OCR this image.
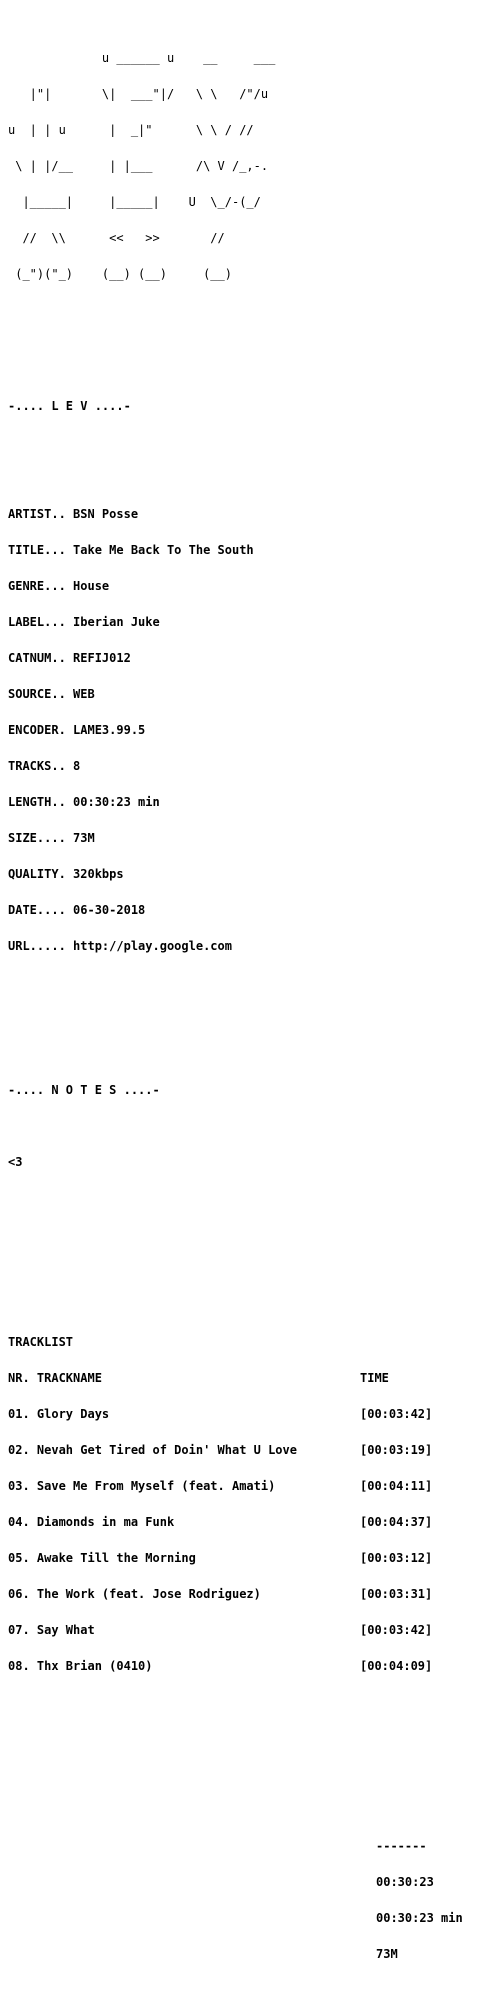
u ______ u    __     ___

|"|       \|  ___"|/   \ \   /"/u

u  | | u      |  _|"      \ \ / //

\ | |/__     | |___      /\ V /_,-.

|_____|     |_____|    U  \_/-(_/

//  \\      <<   >>       //

(_")("_)    (__) (__)     (__)

-.... L E V ....-

ARTIST.. BSN Posse

TITLE... Take Me Back To The South

GENRE... House

LABEL... Iberian Juke

CATNUM.. REFIJ012

SOURCE.. WEB

ENCODER. LAME3.99.5

TRACKS.. 8

LENGTH.. 00:30:23 min

SIZE.... 73M

QUALITY. 320kbps

DATE.... 06-30-2018

URL..... http://play.google.com

-.... N O T E S ....-

<3

TRACKLIST

NR. TRACKNAME	TIME

01. Glory Days	[00:03:42]

02. Nevah Get Tired of Doin' What U Love	[00:03:19]

03. Save Me From Myself (feat. Amati)	[00:04:11]

04. Diamonds in ma Funk	[00:04:37]

05. Awake Till the Morning	[00:03:12]

06. The Work (feat. Jose Rodriguez)	[00:03:31]

07. Say What	[00:03:42]

08. Thx Brian (0410)	[00:04:09]

-------

00:30:23

00:30:23 min

73M
